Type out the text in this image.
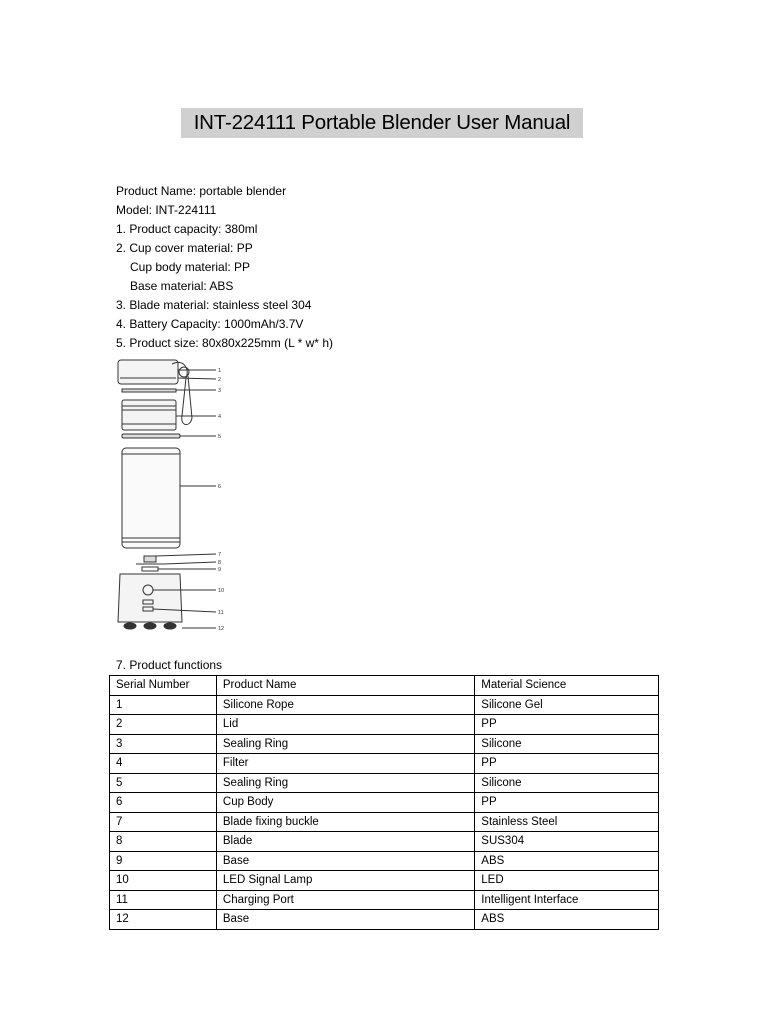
INT-224111 Portable Blender User Manual
Product Name: portable blender
Model: INT-224111
1. Product capacity: 380ml
2. Cup cover material: PP
Cup body material: PP
Base material: ABS
3. Blade material: stainless steel 304
4. Battery Capacity: 1000mAh/3.7V
5. Product size: 80x80x225mm (L * w* h)
1
2
3
4
5
6
7
8
9
10
11
12
7. Product functions
Serial Number	Product Name	Material Science
1	Silicone Rope	Silicone Gel
2	Lid	PP
3	Sealing Ring	Silicone
4	Filter	PP
5	Sealing Ring	Silicone
6	Cup Body	PP
7	Blade fixing buckle	Stainless Steel
8	Blade	SUS304
9	Base	ABS
10	LED Signal Lamp	LED
11	Charging Port	Intelligent Interface
12	Base	ABS
